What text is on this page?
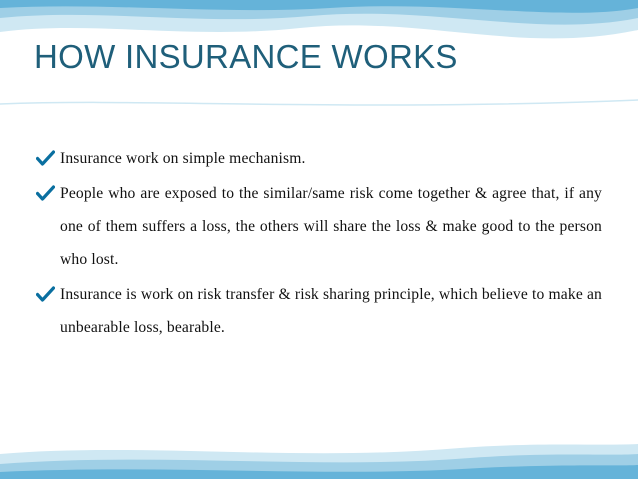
HOW INSURANCE WORKS
Insurance work on simple mechanism.
People who are exposed to the similar/same risk come together & agree that, if any one of them suffers a loss, the others will share the loss & make good to the person who lost.
Insurance is work on risk transfer & risk sharing principle, which believe to make an unbearable loss, bearable.
